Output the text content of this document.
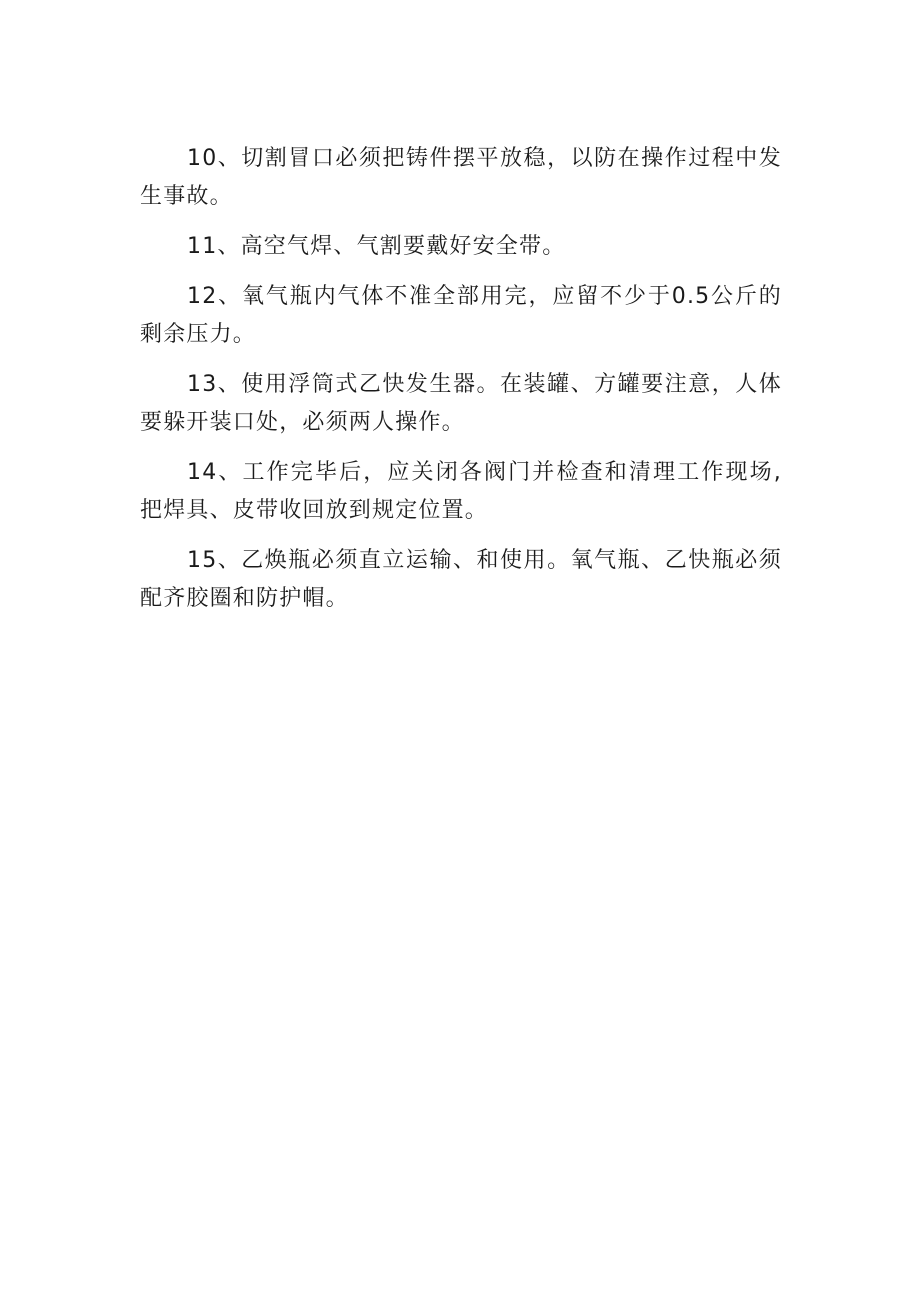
10、切割冒口必须把铸件摆平放稳，以防在操作过程中发生事故。

11、高空气焊、气割要戴好安全带。

12、氧气瓶内气体不准全部用完，应留不少于0.5公斤的剩余压力。

13、使用浮筒式乙快发生器。在装罐、方罐要注意，人体要躲开装口处，必须两人操作。

14、工作完毕后，应关闭各阀门并检查和清理工作现场,把焊具、皮带收回放到规定位置。

15、乙焕瓶必须直立运输、和使用。氧气瓶、乙快瓶必须配齐胶圈和防护帽。
